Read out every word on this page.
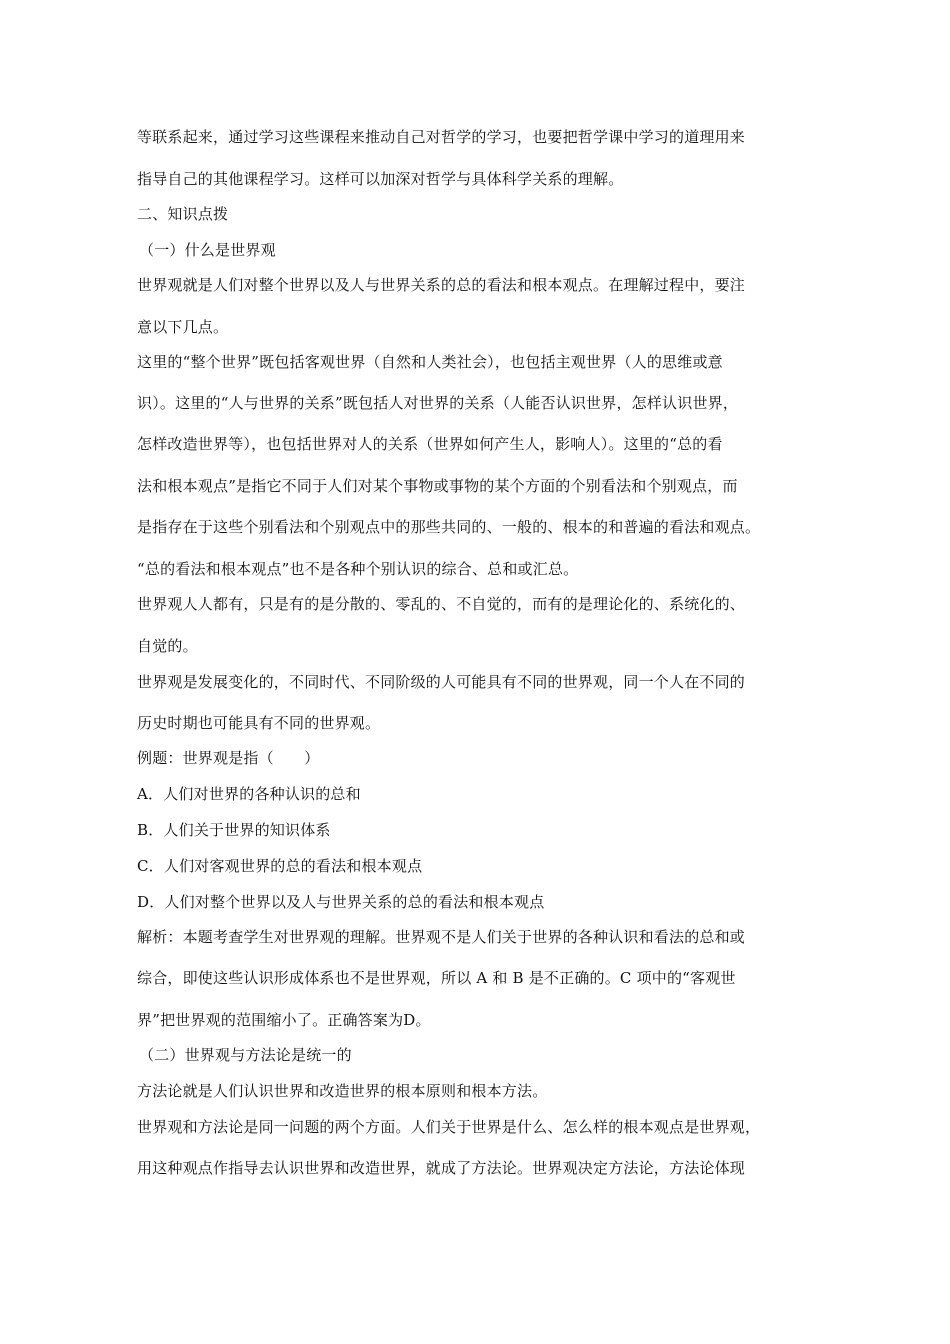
等联系起来，通过学习这些课程来推动自己对哲学的学习，也要把哲学课中学习的道理用来
指导自己的其他课程学习。这样可以加深对哲学与具体科学关系的理解。
二、知识点拨
（一）什么是世界观
世界观就是人们对整个世界以及人与世界关系的总的看法和根本观点。在理解过程中，要注
意以下几点。
这里的“整个世界”既包括客观世界（自然和人类社会），也包括主观世界（人的思维或意
识）。这里的“人与世界的关系”既包括人对世界的关系（人能否认识世界，怎样认识世界，
怎样改造世界等），也包括世界对人的关系（世界如何产生人，影响人）。这里的“总的看
法和根本观点”是指它不同于人们对某个事物或事物的某个方面的个别看法和个别观点，而
是指存在于这些个别看法和个别观点中的那些共同的、一般的、根本的和普遍的看法和观点。
“总的看法和根本观点”也不是各种个别认识的综合、总和或汇总。
世界观人人都有，只是有的是分散的、零乱的、不自觉的，而有的是理论化的、系统化的、
自觉的。
世界观是发展变化的，不同时代、不同阶级的人可能具有不同的世界观，同一个人在不同的
历史时期也可能具有不同的世界观。
例题：世界观是指（　　）
A．人们对世界的各种认识的总和
B．人们关于世界的知识体系
C．人们对客观世界的总的看法和根本观点
D．人们对整个世界以及人与世界关系的总的看法和根本观点
解析：本题考查学生对世界观的理解。世界观不是人们关于世界的各种认识和看法的总和或
综合，即使这些认识形成体系也不是世界观，所以 A 和 B 是不正确的。C 项中的“客观世
界”把世界观的范围缩小了。正确答案为D。
（二）世界观与方法论是统一的
方法论就是人们认识世界和改造世界的根本原则和根本方法。
世界观和方法论是同一问题的两个方面。人们关于世界是什么、怎么样的根本观点是世界观，
用这种观点作指导去认识世界和改造世界，就成了方法论。世界观决定方法论，方法论体现
